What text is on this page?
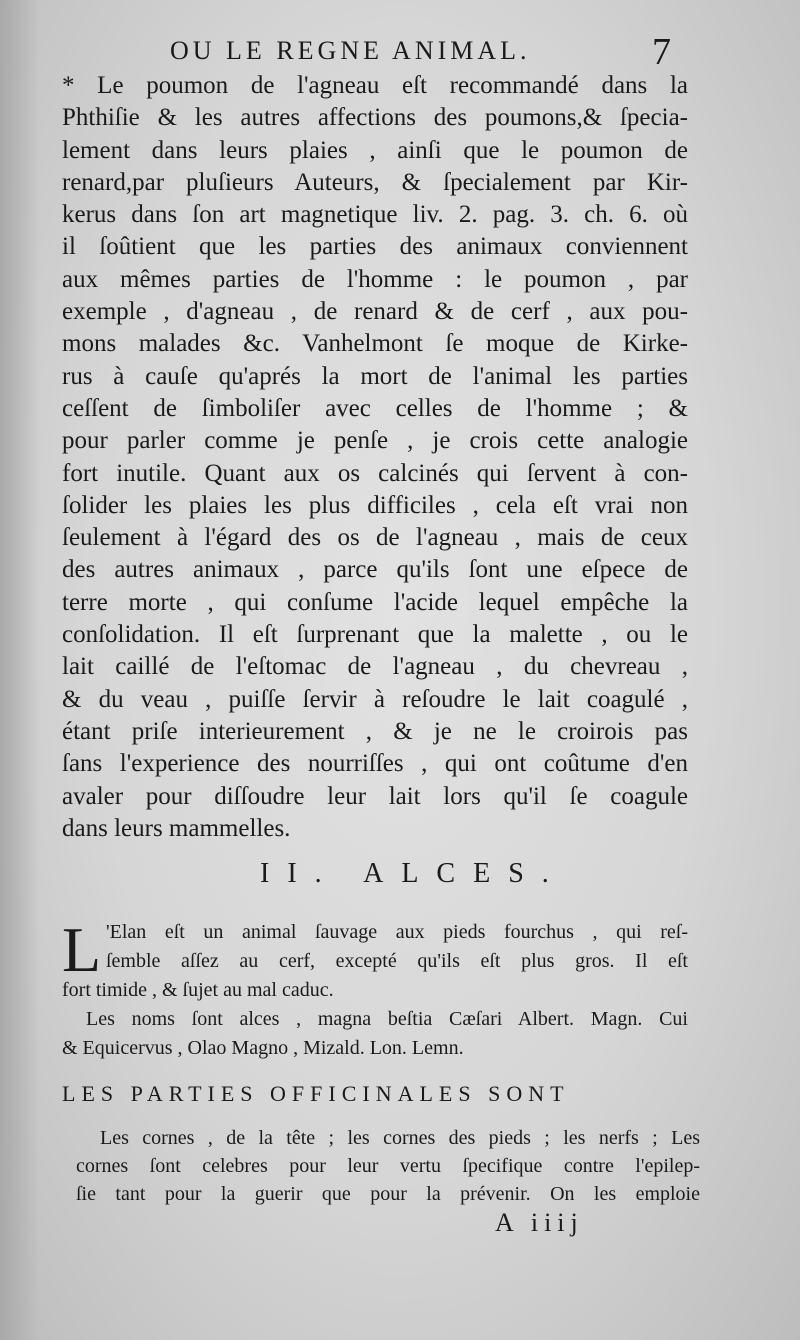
OU LE REGNE ANIMAL.	7
* Le poumon de l'agneau eſt recommandé dans la
Phthiſie & les autres affections des poumons,& ſpecia-
lement dans leurs plaies , ainſi que le poumon de
renard,par pluſieurs Auteurs, & ſpecialement par Kir-
kerus dans ſon art magnetique liv. 2. pag. 3. ch. 6. où
il ſoûtient que les parties des animaux conviennent
aux mêmes parties de l'homme : le poumon , par
exemple , d'agneau , de renard & de cerf , aux pou-
mons malades &c. Vanhelmont ſe moque de Kirke-
rus à cauſe qu'aprés la mort de l'animal les parties
ceſſent de ſimboliſer avec celles de l'homme ; &
pour parler comme je penſe , je crois cette analogie
fort inutile. Quant aux os calcinés qui ſervent à con-
ſolider les plaies les plus difficiles , cela eſt vrai non
ſeulement à l'égard des os de l'agneau , mais de ceux
des autres animaux , parce qu'ils ſont une eſpece de
terre morte , qui conſume l'acide lequel empêche la
conſolidation. Il eſt ſurprenant que la malette , ou le
lait caillé de l'eſtomac de l'agneau , du chevreau ,
& du veau , puiſſe ſervir à reſoudre le lait coagulé ,
étant priſe interieurement , & je ne le croirois pas
ſans l'experience des nourriſſes , qui ont coûtume d'en
avaler pour diſſoudre leur lait lors qu'il ſe coagule
dans leurs mammelles.
II. ALCES.
L 'Elan eſt un animal ſauvage aux pieds fourchus , qui reſ-
ſemble aſſez au cerf, excepté qu'ils eſt plus gros. Il eſt
fort timide , & ſujet au mal caduc.
Les noms ſont alces , magna beſtia Cæſari Albert. Magn. Cui
& Equicervus , Olao Magno , Mizald. Lon. Lemn.
LES PARTIES OFFICINALES SONT
Les cornes , de la tête ; les cornes des pieds ; les nerfs ; Les
cornes ſont celebres pour leur vertu ſpecifique contre l'epilep-
ſie tant pour la guerir que pour la prévenir. On les emploie
A iiij
